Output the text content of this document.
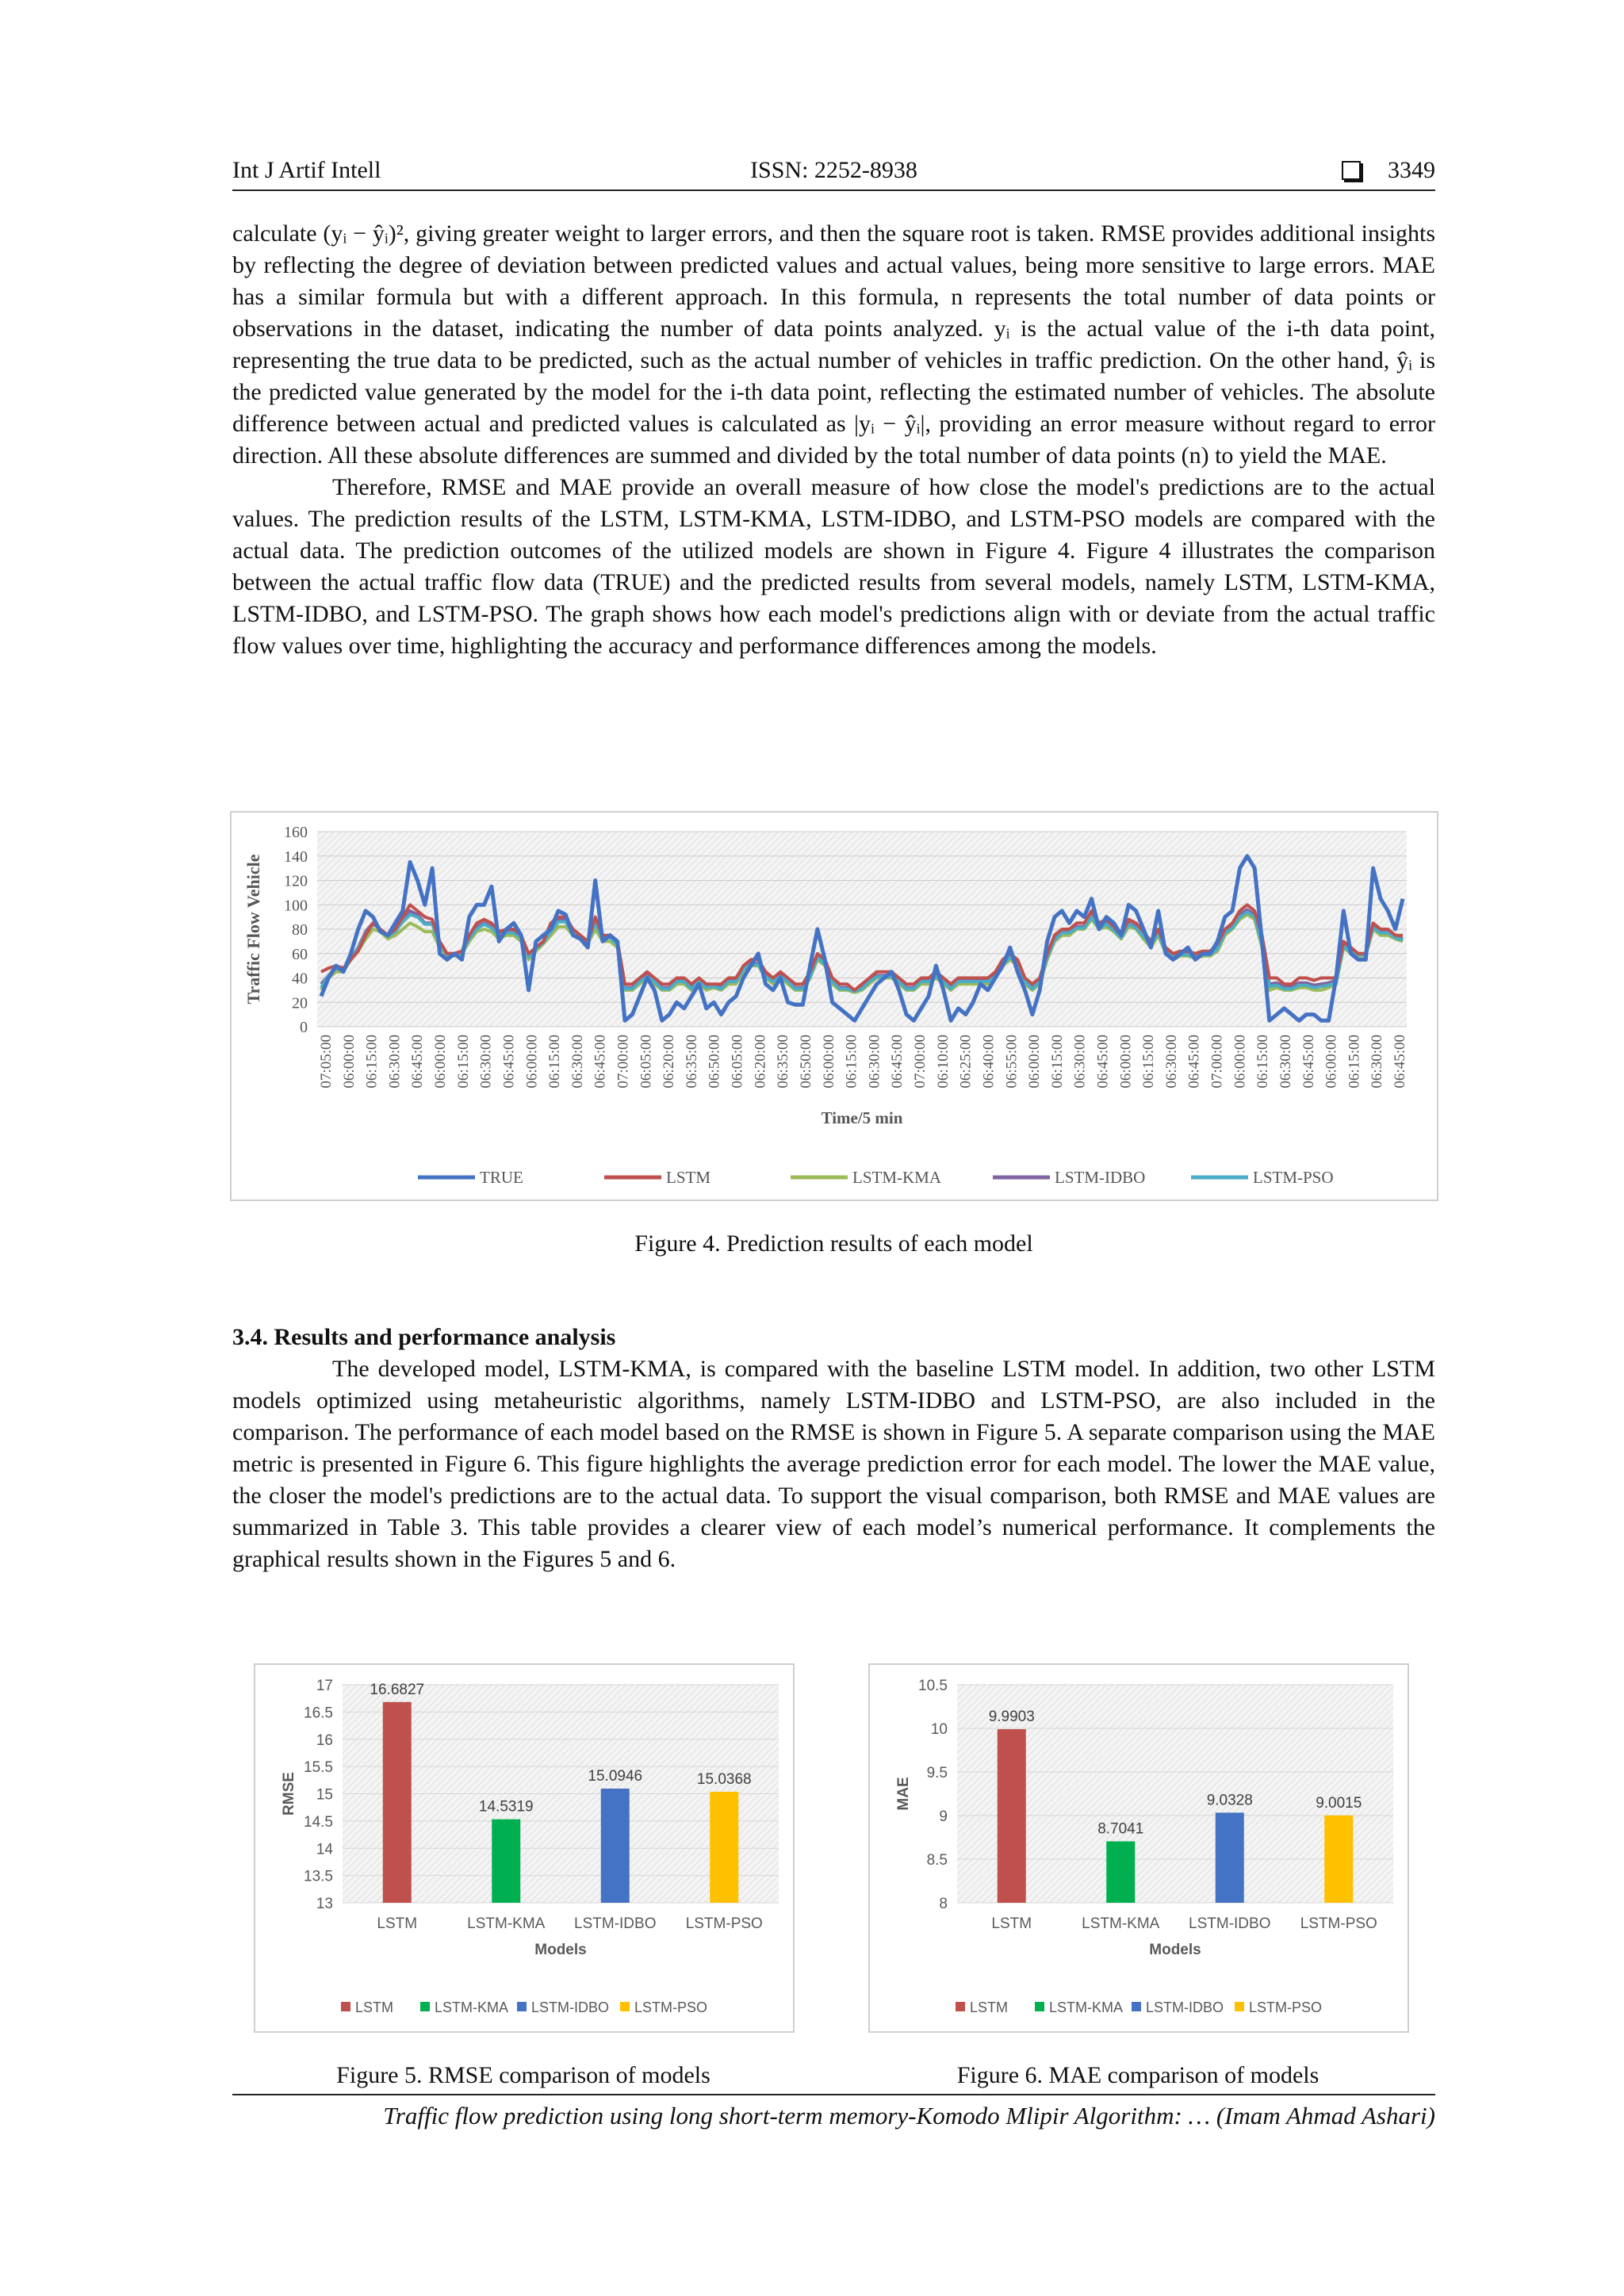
Int J Artif Intell	ISSN: 2252-8938	3349

calculate (yᵢ − ŷᵢ)², giving greater weight to larger errors, and then the square root is taken. RMSE provides additional insights by reflecting the degree of deviation between predicted values and actual values, being more sensitive to large errors. MAE has a similar formula but with a different approach. In this formula, n represents the total number of data points or observations in the dataset, indicating the number of data points analyzed. yᵢ is the actual value of the i-th data point, representing the true data to be predicted, such as the actual number of vehicles in traffic prediction. On the other hand, ŷᵢ is the predicted value generated by the model for the i-th data point, reflecting the estimated number of vehicles. The absolute difference between actual and predicted values is calculated as |yᵢ − ŷᵢ|, providing an error measure without regard to error direction. All these absolute differences are summed and divided by the total number of data points (n) to yield the MAE.

Therefore, RMSE and MAE provide an overall measure of how close the model's predictions are to the actual values. The prediction results of the LSTM, LSTM-KMA, LSTM-IDBO, and LSTM-PSO models are compared with the actual data. The prediction outcomes of the utilized models are shown in Figure 4. Figure 4 illustrates the comparison between the actual traffic flow data (TRUE) and the predicted results from several models, namely LSTM, LSTM-KMA, LSTM-IDBO, and LSTM-PSO. The graph shows how each model's predictions align with or deviate from the actual traffic flow values over time, highlighting the accuracy and performance differences among the models.

0
20
40
60
80
100
120
140
160
07:05:00 06:00:00 06:15:00 06:30:00 06:45:00 06:00:00 06:15:00 06:30:00 06:45:00 06:00:00 06:15:00 06:30:00 06:45:00 07:00:00 06:05:00 06:20:00 06:35:00 06:50:00 06:05:00 06:20:00 06:35:00 06:50:00 06:00:00 06:15:00 06:30:00 06:45:00 07:00:00 06:10:00 06:25:00 06:40:00 06:55:00 06:00:00 06:15:00 06:30:00 06:45:00 06:00:00 06:15:00 06:30:00 06:45:00 07:00:00 06:00:00 06:15:00 06:30:00 06:45:00 06:00:00 06:15:00 06:30:00 06:45:00
Traffic Flow Vehicle
Time/5 min
TRUE	LSTM	LSTM-KMA	LSTM-IDBO	LSTM-PSO
Figure 4. Prediction results of each model

3.4. Results and performance analysis

The developed model, LSTM-KMA, is compared with the baseline LSTM model. In addition, two other LSTM models optimized using metaheuristic algorithms, namely LSTM-IDBO and LSTM-PSO, are also included in the comparison. The performance of each model based on the RMSE is shown in Figure 5. A separate comparison using the MAE metric is presented in Figure 6. This figure highlights the average prediction error for each model. The lower the MAE value, the closer the model's predictions are to the actual data. To support the visual comparison, both RMSE and MAE values are summarized in Table 3. This table provides a clearer view of each model’s numerical performance. It complements the graphical results shown in the Figures 5 and 6.

13
13.5
14
14.5
15
15.5
16
16.5
17
RMSE
16.6827
LSTM
14.5319
LSTM-KMA
15.0946
LSTM-IDBO
15.0368
LSTM-PSO
Models
LSTM	LSTM-KMA LSTM-IDBO LSTM-PSO
8
8.5
9
9.5
10
10.5
MAE
9.9903
LSTM
8.7041
LSTM-KMA
9.0328
LSTM-IDBO
9.0015
LSTM-PSO
Models
LSTM	LSTM-KMA LSTM-IDBO LSTM-PSO
Figure 5. RMSE comparison of models	Figure 6. MAE comparison of models
Traffic flow prediction using long short-term memory-Komodo Mlipir Algorithm: … (Imam Ahmad Ashari)
